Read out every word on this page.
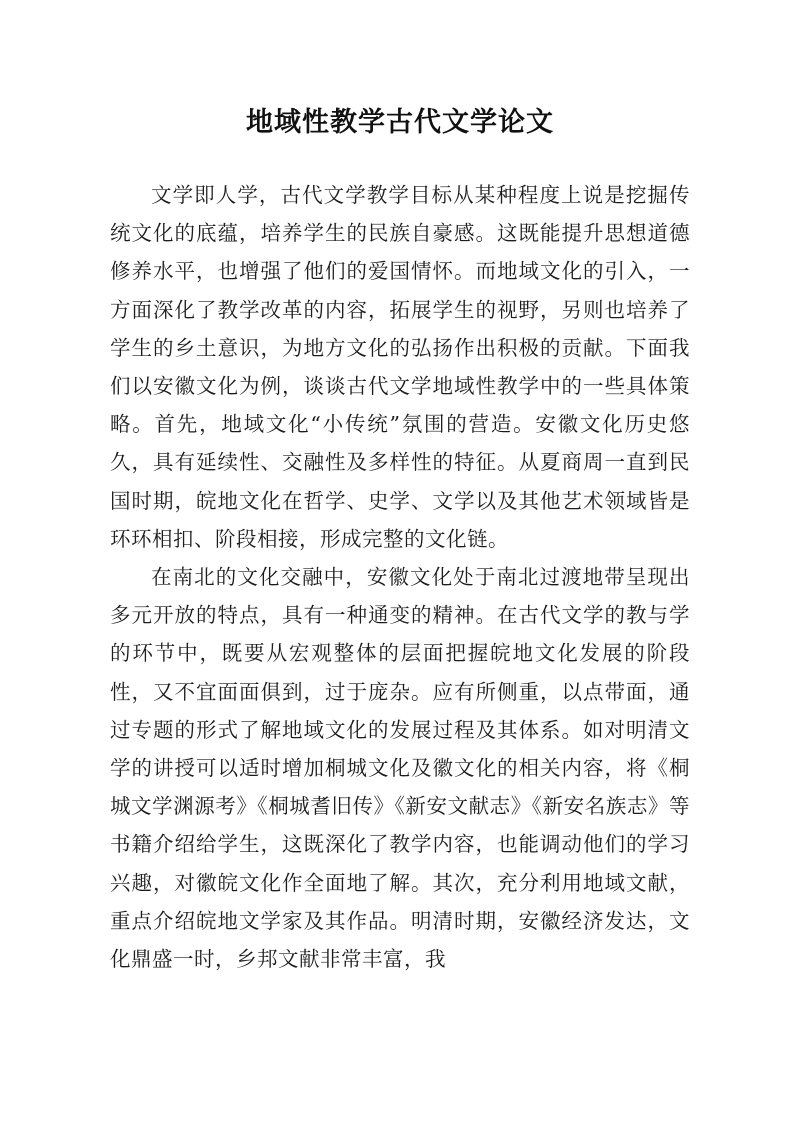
地域性教学古代文学论文

文学即人学，古代文学教学目标从某种程度上说是挖掘传统文化的底蕴，培养学生的民族自豪感。这既能提升思想道德修养水平，也增强了他们的爱国情怀。而地域文化的引入，一方面深化了教学改革的内容，拓展学生的视野，另则也培养了学生的乡土意识，为地方文化的弘扬作出积极的贡献。下面我们以安徽文化为例，谈谈古代文学地域性教学中的一些具体策略。首先，地域文化“小传统”氛围的营造。安徽文化历史悠久，具有延续性、交融性及多样性的特征。从夏商周一直到民国时期，皖地文化在哲学、史学、文学以及其他艺术领域皆是环环相扣、阶段相接，形成完整的文化链。

在南北的文化交融中，安徽文化处于南北过渡地带呈现出多元开放的特点，具有一种通变的精神。在古代文学的教与学的环节中，既要从宏观整体的层面把握皖地文化发展的阶段性，又不宜面面俱到，过于庞杂。应有所侧重，以点带面，通过专题的形式了解地域文化的发展过程及其体系。如对明清文学的讲授可以适时增加桐城文化及徽文化的相关内容，将《桐城文学渊源考》《桐城耆旧传》《新安文献志》《新安名族志》等书籍介绍给学生，这既深化了教学内容，也能调动他们的学习兴趣，对徽皖文化作全面地了解。其次，充分利用地域文献，重点介绍皖地文学家及其作品。明清时期，安徽经济发达，文化鼎盛一时，乡邦文献非常丰富，我
